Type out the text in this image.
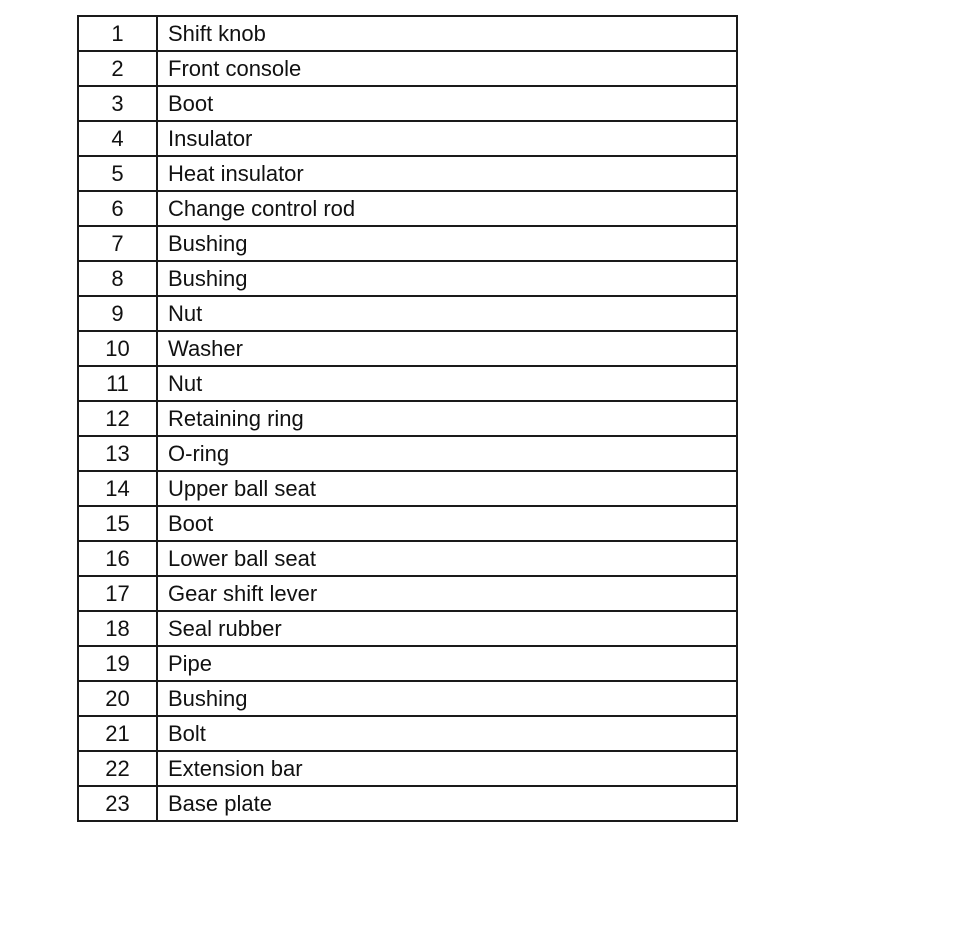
1	Shift knob
2	Front console
3	Boot
4	Insulator
5	Heat insulator
6	Change control rod
7	Bushing
8	Bushing
9	Nut
10	Washer
11	Nut
12	Retaining ring
13	O-ring
14	Upper ball seat
15	Boot
16	Lower ball seat
17	Gear shift lever
18	Seal rubber
19	Pipe
20	Bushing
21	Bolt
22	Extension bar
23	Base plate
